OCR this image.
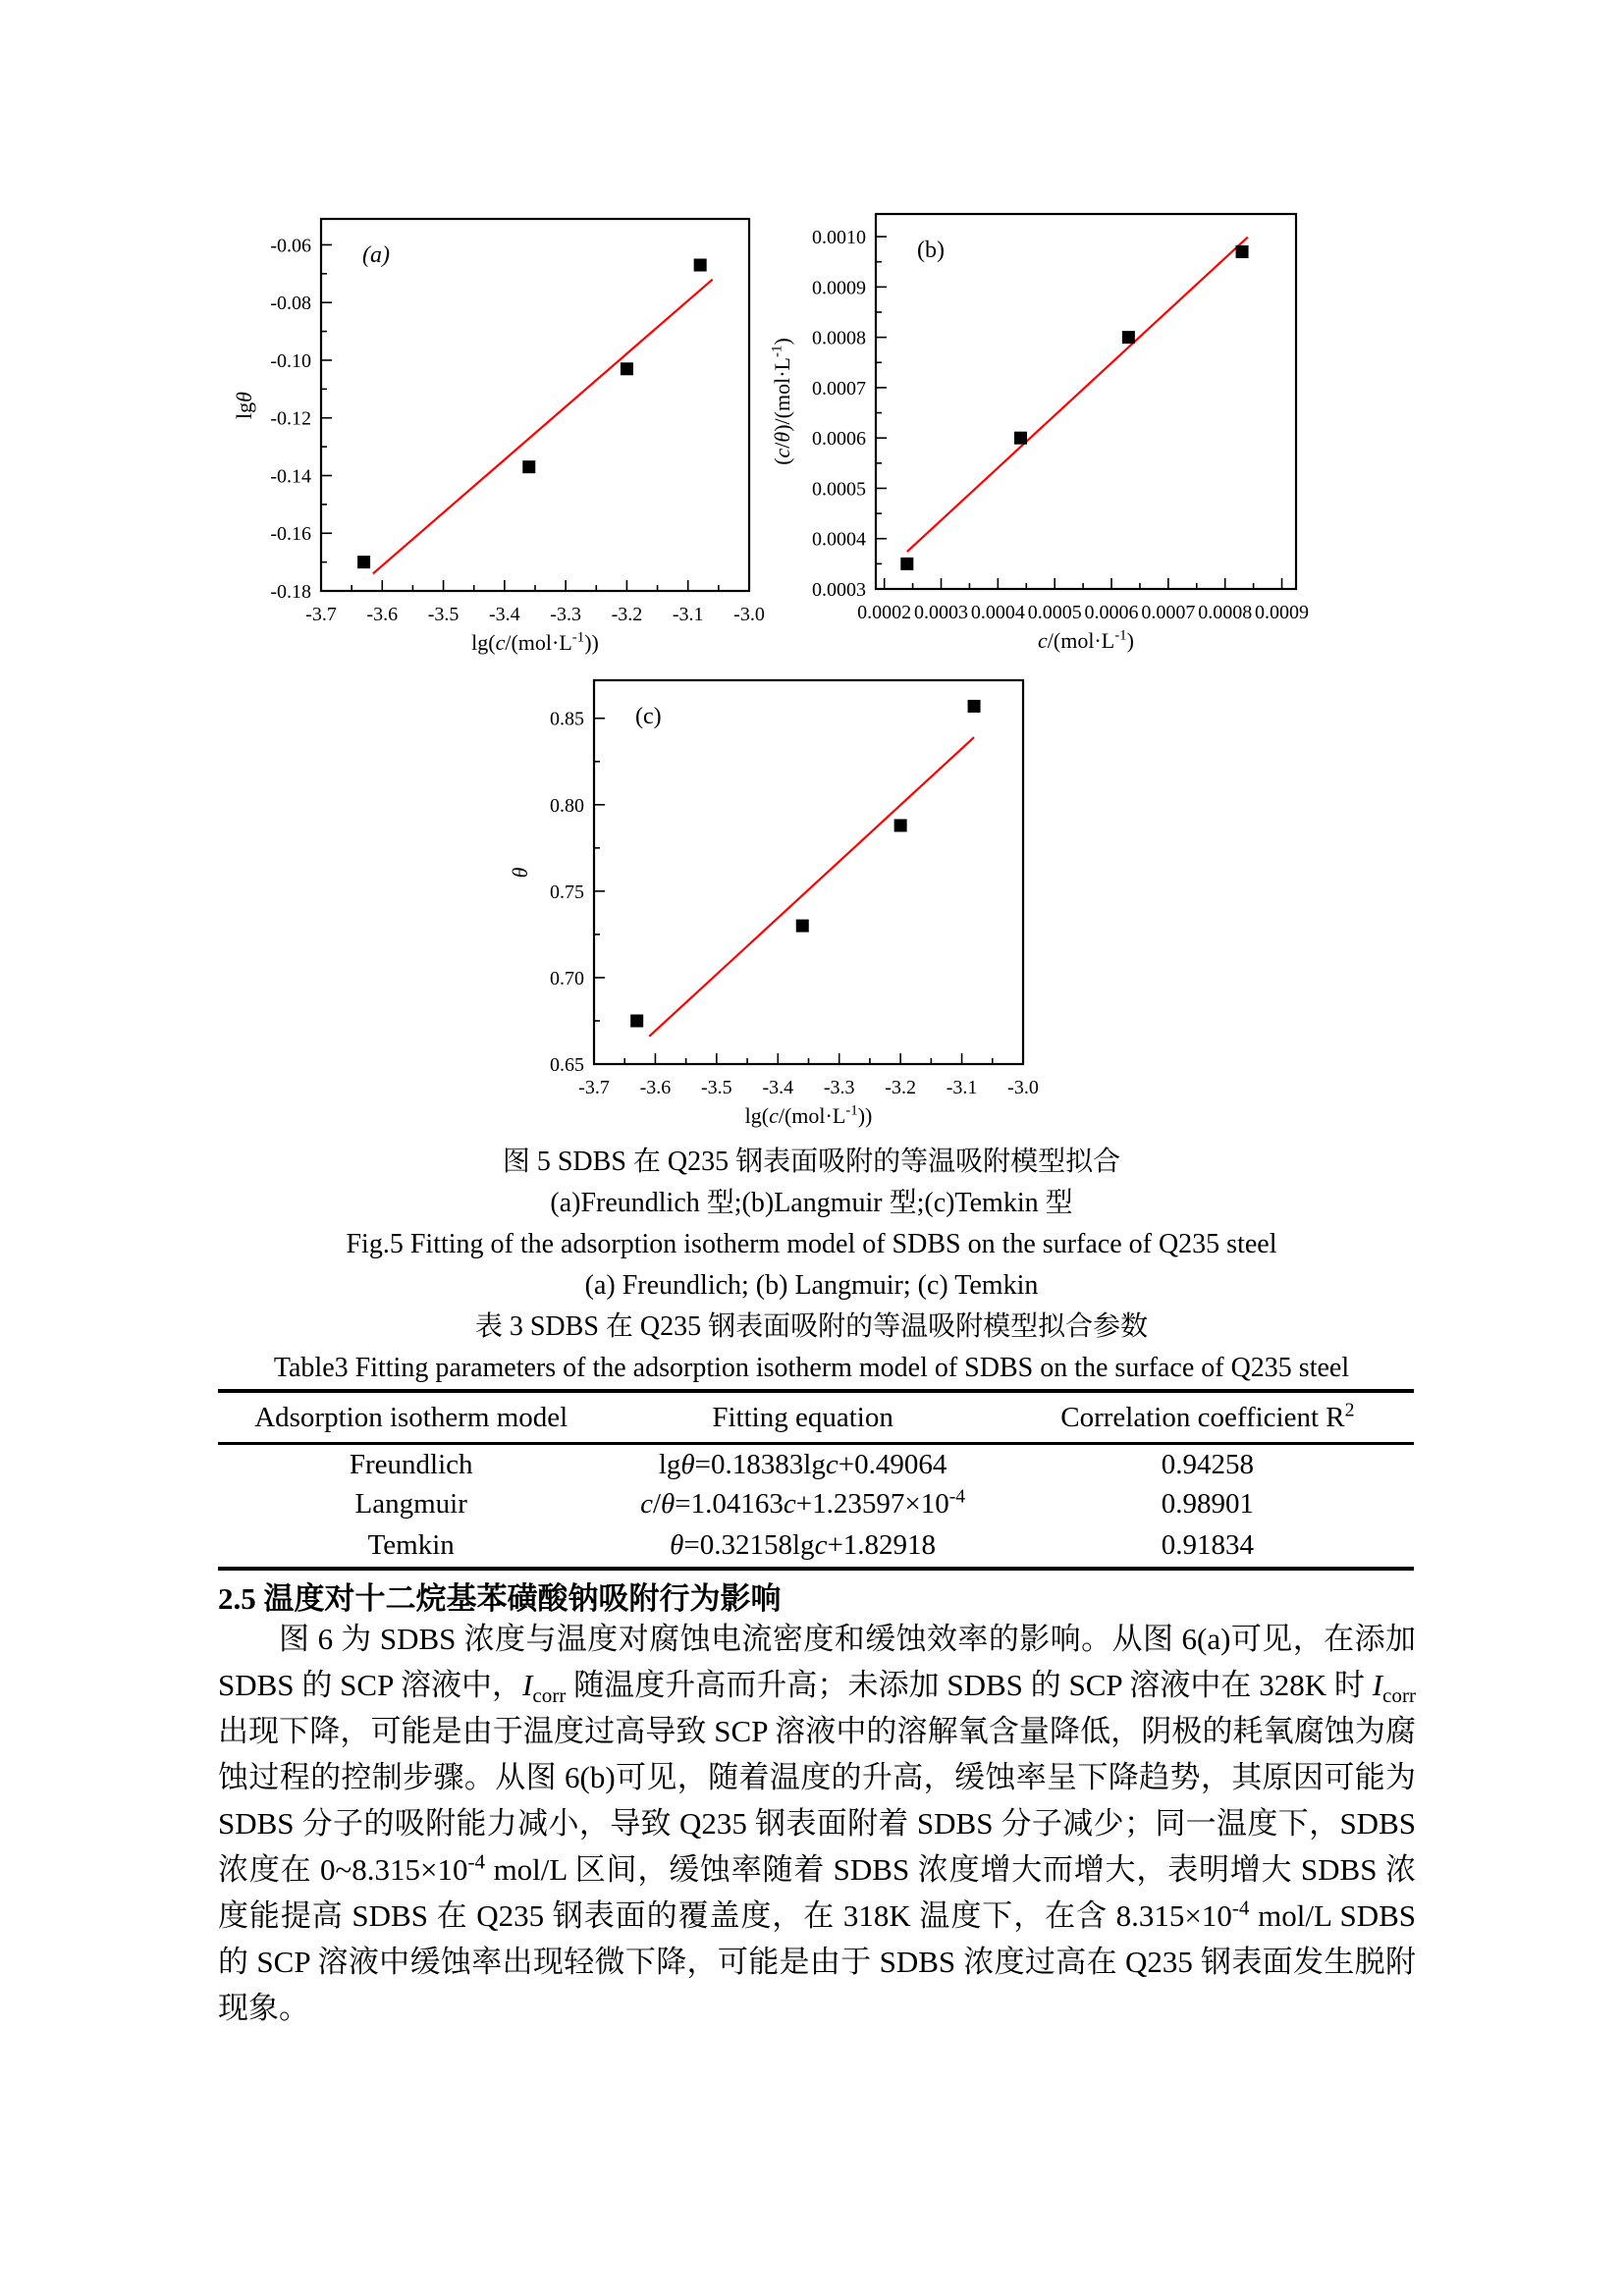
-3.7 -3.6 -3.5 -3.4 -3.3 -3.2 -3.1 -3.0
-0.18
-0.16
-0.14
-0.12
-0.10
-0.08
-0.06 (a)
$\lg(c/(mol\cdot L^{-1}))$
lgθ
0.0002 0.0003 0.0004 0.0005 0.0006 0.0007 0.0008 0.0009
0.0003
0.0004
0.0005
0.0006
0.0007
0.0008
0.0009
0.0010 (b)
$c/(mol\cdot L^{-1})$
$(c/\theta)/(mol\cdot L^{-1})$
-3.7 -3.6 -3.5 -3.4 -3.3 -3.2 -3.1 -3.0
0.65
0.70
0.75
0.80
0.85 (c)
$\lg(c/(mol\cdot L^{-1}))$
θ
图 5 SDBS 在 Q235 钢表面吸附的等温吸附模型拟合
(a)Freundlich 型;(b)Langmuir 型;(c)Temkin 型
Fig.5 Fitting of the adsorption isotherm model of SDBS on the surface of Q235 steel
(a) Freundlich; (b) Langmuir; (c) Temkin
表 3 SDBS 在 Q235 钢表面吸附的等温吸附模型拟合参数
Table3 Fitting parameters of the adsorption isotherm model of SDBS on the surface of Q235 steel
Adsorption isotherm model	Fitting equation	Correlation coefficient $R^2$
Freundlich	lgθ=0.18383lgc+0.49064	0.94258
Langmuir	$c/\theta=1.04163c+1.23597\times 10^{-4}$	0.98901
Temkin	θ=0.32158lgc+1.82918	0.91834
2.5 温度对十二烷基苯磺酸钠吸附行为影响
图 6 为 SDBS 浓度与温度对腐蚀电流密度和缓蚀效率的影响。从图 6(a)可见，在添加 SDBS 的 SCP 溶液中，$I_{corr}$ 随温度升高而升高；未添加 SDBS 的 SCP 溶液中在 328K 时 $I_{corr}$ 出现下降，可能是由于温度过高导致 SCP 溶液中的溶解氧含量降低，阴极的耗氧腐蚀为腐蚀过程的控制步骤。从图 6(b)可见，随着温度的升高，缓蚀率呈下降趋势，其原因可能为 SDBS 分子的吸附能力减小，导致 Q235 钢表面附着 SDBS 分子减少；同一温度下，SDBS 浓度在 $0\sim 8.315\times 10^{-4}$ mol/L 区间，缓蚀率随着 SDBS 浓度增大而增大，表明增大 SDBS 浓度能提高 SDBS 在 Q235 钢表面的覆盖度，在 318K 温度下，在含 $8.315\times 10^{-4}$ mol/L SDBS 的 SCP 溶液中缓蚀率出现轻微下降，可能是由于 SDBS 浓度过高在 Q235 钢表面发生脱附现象。
